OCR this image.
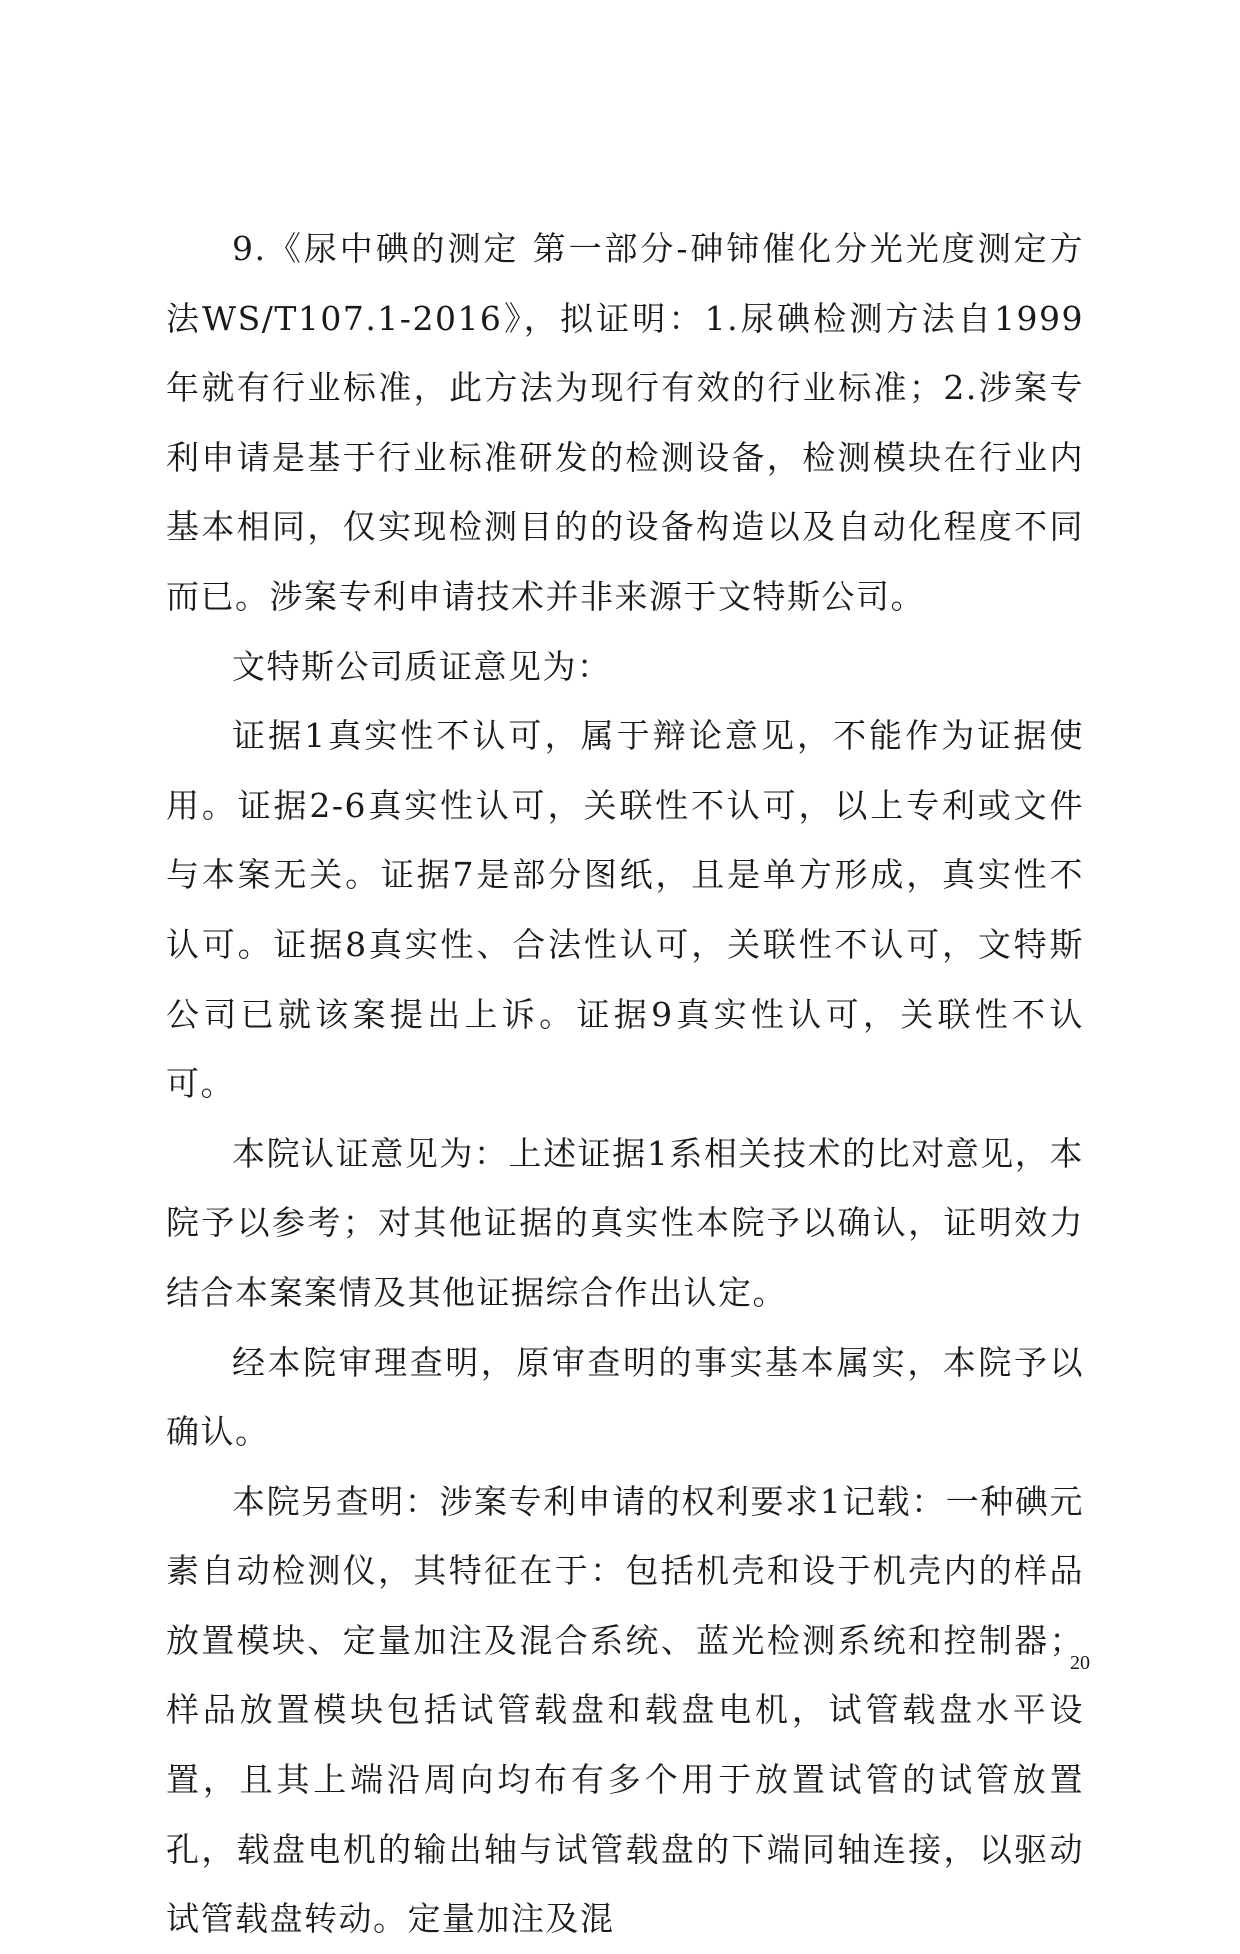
9.《尿中碘的测定 第一部分-砷铈催化分光光度测定方法WS/T107.1-2016》，拟证明：1.尿碘检测方法自1999年就有行业标准，此方法为现行有效的行业标准；2.涉案专利申请是基于行业标准研发的检测设备，检测模块在行业内基本相同，仅实现检测目的的设备构造以及自动化程度不同而已。涉案专利申请技术并非来源于文特斯公司。

文特斯公司质证意见为：

证据1真实性不认可，属于辩论意见，不能作为证据使用。证据2-6真实性认可，关联性不认可，以上专利或文件与本案无关。证据7是部分图纸，且是单方形成，真实性不认可。证据8真实性、合法性认可，关联性不认可，文特斯公司已就该案提出上诉。证据9真实性认可，关联性不认可。

本院认证意见为：上述证据1系相关技术的比对意见，本院予以参考；对其他证据的真实性本院予以确认，证明效力结合本案案情及其他证据综合作出认定。

经本院审理查明，原审查明的事实基本属实，本院予以确认。

本院另查明：涉案专利申请的权利要求1记载：一种碘元素自动检测仪，其特征在于：包括机壳和设于机壳内的样品放置模块、定量加注及混合系统、蓝光检测系统和控制器；样品放置模块包括试管载盘和载盘电机，试管载盘水平设置，且其上端沿周向均布有多个用于放置试管的试管放置孔，载盘电机的输出轴与试管载盘的下端同轴连接，以驱动试管载盘转动。定量加注及混

20
